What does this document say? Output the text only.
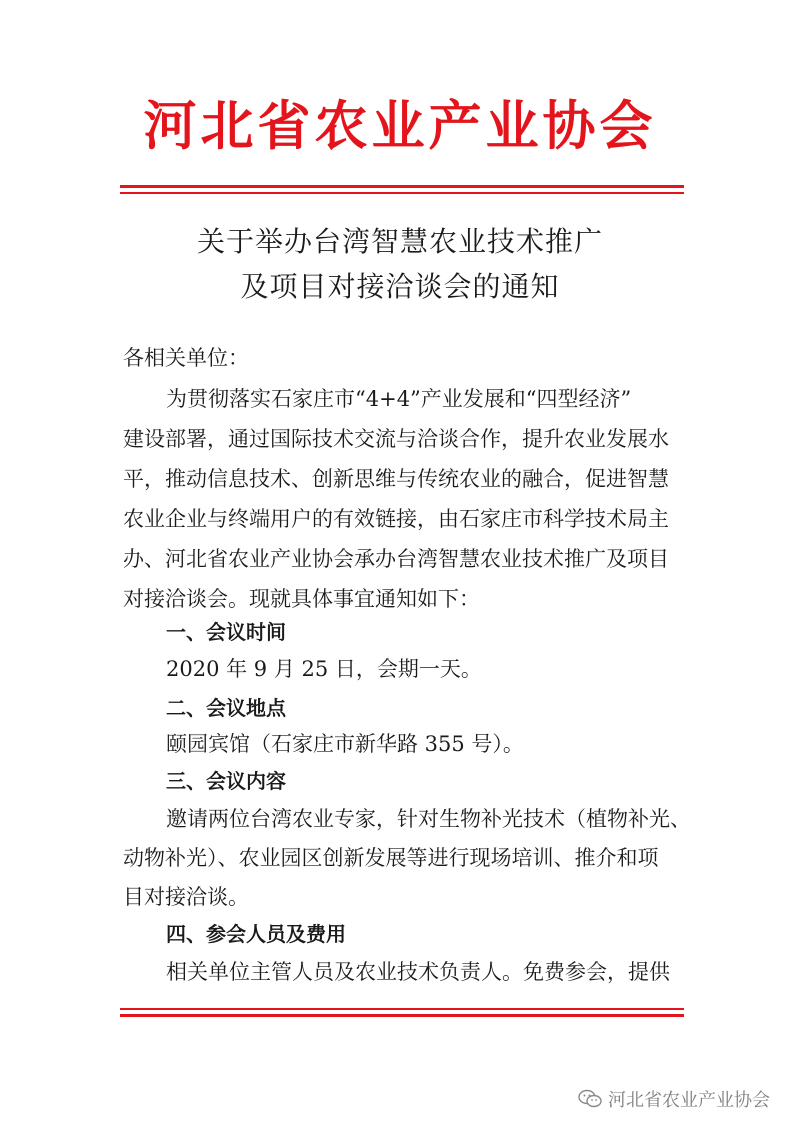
河北省农业产业协会
关于举办台湾智慧农业技术推广
及项目对接洽谈会的通知
各相关单位：
为贯彻落实石家庄市“4+4”产业发展和“四型经济”
建设部署，通过国际技术交流与洽谈合作，提升农业发展水
平，推动信息技术、创新思维与传统农业的融合，促进智慧
农业企业与终端用户的有效链接，由石家庄市科学技术局主
办、河北省农业产业协会承办台湾智慧农业技术推广及项目
对接洽谈会。现就具体事宜通知如下：
一、会议时间
2020 年 9 月 25 日，会期一天。
二、会议地点
颐园宾馆（石家庄市新华路 355 号）。
三、会议内容
邀请两位台湾农业专家，针对生物补光技术（植物补光、
动物补光）、农业园区创新发展等进行现场培训、推介和项
目对接洽谈。
四、参会人员及费用
相关单位主管人员及农业技术负责人。免费参会，提供
河北省农业产业协会
